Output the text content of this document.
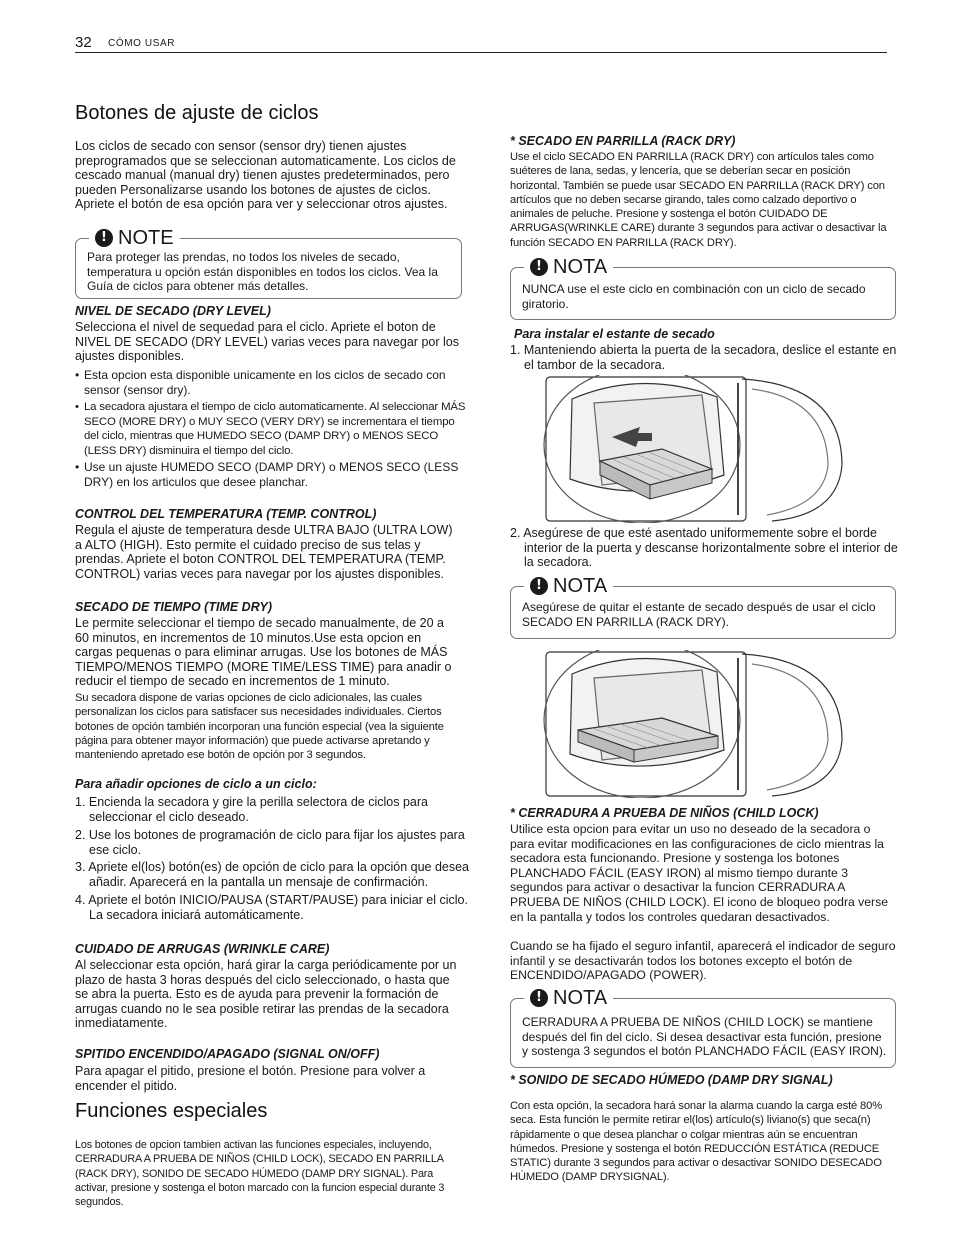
32 CÓMO USAR
Botones de ajuste de ciclos

Los ciclos de secado con sensor (sensor dry) tienen ajustes preprogramados que se seleccionan automaticamente. Los ciclos de cescado manual (manual dry) tienen ajustes predeterminados, pero pueden Personalizarse usando los botones de ajustes de ciclos. Apriete el botón de esa opción para ver y seleccionar otros ajustes.

! NOTE

Para proteger las prendas, no todos los niveles de secado, temperatura u opción están disponibles en todos los ciclos. Vea la Guía de ciclos para obtener más detalles.

NIVEL DE SECADO (DRY LEVEL)

Selecciona el nivel de sequedad para el ciclo. Apriete el boton de NIVEL DE SECADO (DRY LEVEL) varias veces para navegar por los ajustes disponibles.

• Esta opcion esta disponible unicamente en los ciclos de secado con sensor (sensor dry).

• La secadora ajustara el tiempo de ciclo automaticamente. Al seleccionar MÁS SECO (MORE DRY) o MUY SECO (VERY DRY) se incrementara el tiempo del ciclo, mientras que HUMEDO SECO (DAMP DRY) o MENOS SECO (LESS DRY) disminuira el tiempo del ciclo.

• Use un ajuste HUMEDO SECO (DAMP DRY) o MENOS SECO (LESS DRY) en los articulos que desee planchar.

CONTROL DEL TEMPERATURA (TEMP. CONTROL)

Regula el ajuste de temperatura desde ULTRA BAJO (ULTRA LOW) a ALTO (HIGH). Esto permite el cuidado preciso de sus telas y prendas. Apriete el boton CONTROL DEL TEMPERATURA (TEMP. CONTROL) varias veces para navegar por los ajustes disponibles.

SECADO DE TIEMPO (TIME DRY)

Le permite seleccionar el tiempo de secado manualmente, de 20 a 60 minutos, en incrementos de 10 minutos.Use esta opcion en cargas pequenas o para eliminar arrugas. Use los botones de MÁS TIEMPO/MENOS TIEMPO (MORE TIME/LESS TIME) para anadir o reducir el tiempo de secado en incrementos de 1 minuto.

Su secadora dispone de varias opciones de ciclo adicionales, las cuales personalizan los ciclos para satisfacer sus necesidades individuales. Ciertos botones de opción también incorporan una función especial (vea la siguiente página para obtener mayor información) que puede activarse apretando y manteniendo apretado ese botón de opción por 3 segundos.

Para añadir opciones de ciclo a un ciclo:

1. Encienda la secadora y gire la perilla selectora de ciclos para seleccionar el ciclo deseado.

2. Use los botones de programación de ciclo para fijar los ajustes para ese ciclo.

3. Apriete el(los) botón(es) de opción de ciclo para la opción que desea añadir. Aparecerá en la pantalla un mensaje de confirmación.

4. Apriete el botón INICIO/PAUSA (START/PAUSE) para iniciar el ciclo. La secadora iniciará automáticamente.

CUIDADO DE ARRUGAS (WRINKLE CARE)

Al seleccionar esta opción, hará girar la carga periódicamente por un plazo de hasta 3 horas después del ciclo seleccionado, o hasta que se abra la puerta. Esto es de ayuda para prevenir la formación de arrugas cuando no le sea posible retirar las prendas de la secadora inmediatamente.

SPITIDO ENCENDIDO/APAGADO (SIGNAL ON/OFF)

Para apagar el pitido, presione el botón. Presione para volver a encender el pitido.

Funciones especiales

Los botones de opcion tambien activan las funciones especiales, incluyendo, CERRADURA A PRUEBA DE NIÑOS (CHILD LOCK), SECADO EN PARRILLA (RACK DRY), SONIDO DE SECADO HÚMEDO (DAMP DRY SIGNAL). Para activar, presione y sostenga el boton marcado con la funcion especial durante 3 segundos.

* SECADO EN PARRILLA (RACK DRY)

Use el ciclo SECADO EN PARRILLA (RACK DRY) con artículos tales como suéteres de lana, sedas, y lencería, que se deberían secar en posición horizontal. También se puede usar SECADO EN PARRILLA (RACK DRY) con artículos que no deben secarse girando, tales como calzado deportivo o animales de peluche. Presione y sostenga el botón CUIDADO DE ARRUGAS(WRINKLE CARE) durante 3 segundos para activar o desactivar la función SECADO EN PARRILLA (RACK DRY).

! NOTA

NUNCA use el este ciclo en combinación con un ciclo de secado giratorio.

Para instalar el estante de secado

1. Manteniendo abierta la puerta de la secadora, deslice el estante en el tambor de la secadora.

2. Asegúrese de que esté asentado uniformemente sobre el borde interior de la puerta y descanse horizontalmente sobre el interior de la secadora.

! NOTA

Asegúrese de quitar el estante de secado después de usar el ciclo SECADO EN PARRILLA (RACK DRY).

* CERRADURA A PRUEBA DE NIÑOS (CHILD LOCK)

Utilice esta opcion para evitar un uso no deseado de la secadora o para evitar modificaciones en las configuraciones de ciclo mientras la secadora esta funcionando. Presione y sostenga los botones PLANCHADO FÁCIL (EASY IRON) al mismo tiempo durante 3 segundos para activar o desactivar la funcion CERRADURA A PRUEBA DE NIÑOS (CHILD LOCK). El icono de bloqueo podra verse en la pantalla y todos los controles quedaran desactivados.

Cuando se ha fijado el seguro infantil, aparecerá el indicador de seguro infantil y se desactivarán todos los botones excepto el botón de ENCENDIDO/APAGADO (POWER).

! NOTA

CERRADURA A PRUEBA DE NIÑOS (CHILD LOCK) se mantiene después del fin del ciclo. Si desea desactivar esta función, presione y sostenga 3 segundos el botón PLANCHADO FÁCIL (EASY IRON).

* SONIDO DE SECADO HÚMEDO (DAMP DRY SIGNAL)

Con esta opción, la secadora hará sonar la alarma cuando la carga esté 80% seca. Esta función le permite retirar el(los) artículo(s) liviano(s) que seca(n) rápidamente o que desea planchar o colgar mientras aún se encuentran húmedos. Presione y sostenga el botón REDUCCIÓN ESTÁTICA (REDUCE STATIC) durante 3 segundos para activar o desactivar SONIDO DESECADO HÚMEDO (DAMP DRYSIGNAL).
